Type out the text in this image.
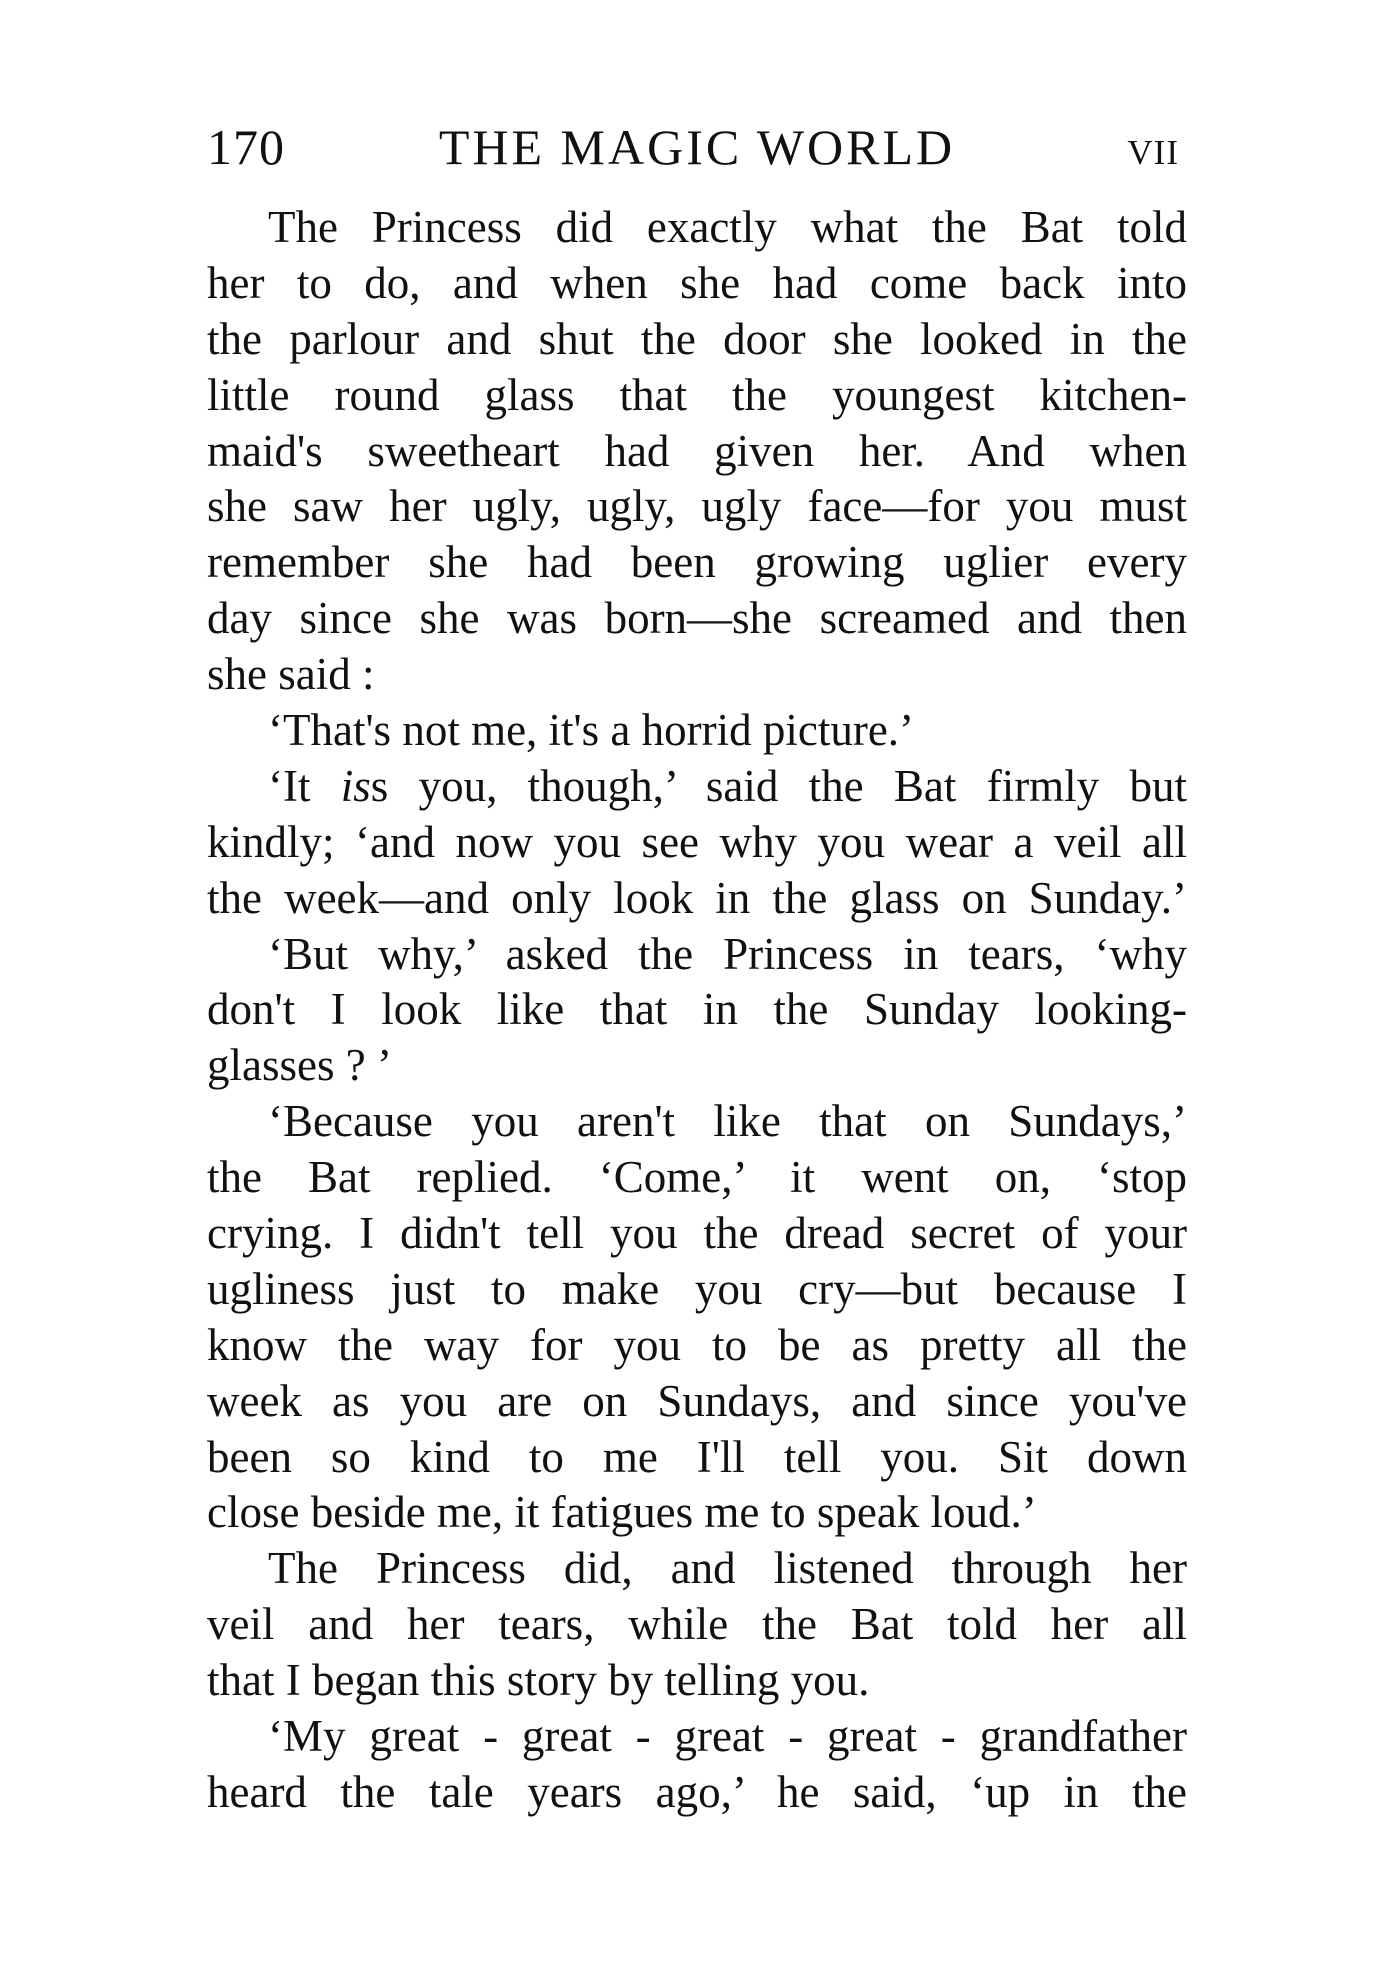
170	THE MAGIC WORLD	vii
The Princess did exactly what the Bat told
her to do, and when she had come back into
the parlour and shut the door she looked in the
little round glass that the youngest kitchen-
maid's sweetheart had given her. And when
she saw her ugly, ugly, ugly face—for you must
remember she had been growing uglier every
day since she was born—she screamed and then
she said :
‘That's not me, it's a horrid picture.’
‘It iss you, though,’ said the Bat firmly but
kindly; ‘and now you see why you wear a veil all
the week—and only look in the glass on Sunday.’
‘But why,’ asked the Princess in tears, ‘why
don't I look like that in the Sunday looking-
glasses ? ’
‘Because you aren't like that on Sundays,’
the Bat replied. ‘Come,’ it went on, ‘stop
crying. I didn't tell you the dread secret of your
ugliness just to make you cry—but because I
know the way for you to be as pretty all the
week as you are on Sundays, and since you've
been so kind to me I'll tell you. Sit down
close beside me, it fatigues me to speak loud.’
The Princess did, and listened through her
veil and her tears, while the Bat told her all
that I began this story by telling you.
‘My great - great - great - great - grandfather
heard the tale years ago,’ he said, ‘up in the
